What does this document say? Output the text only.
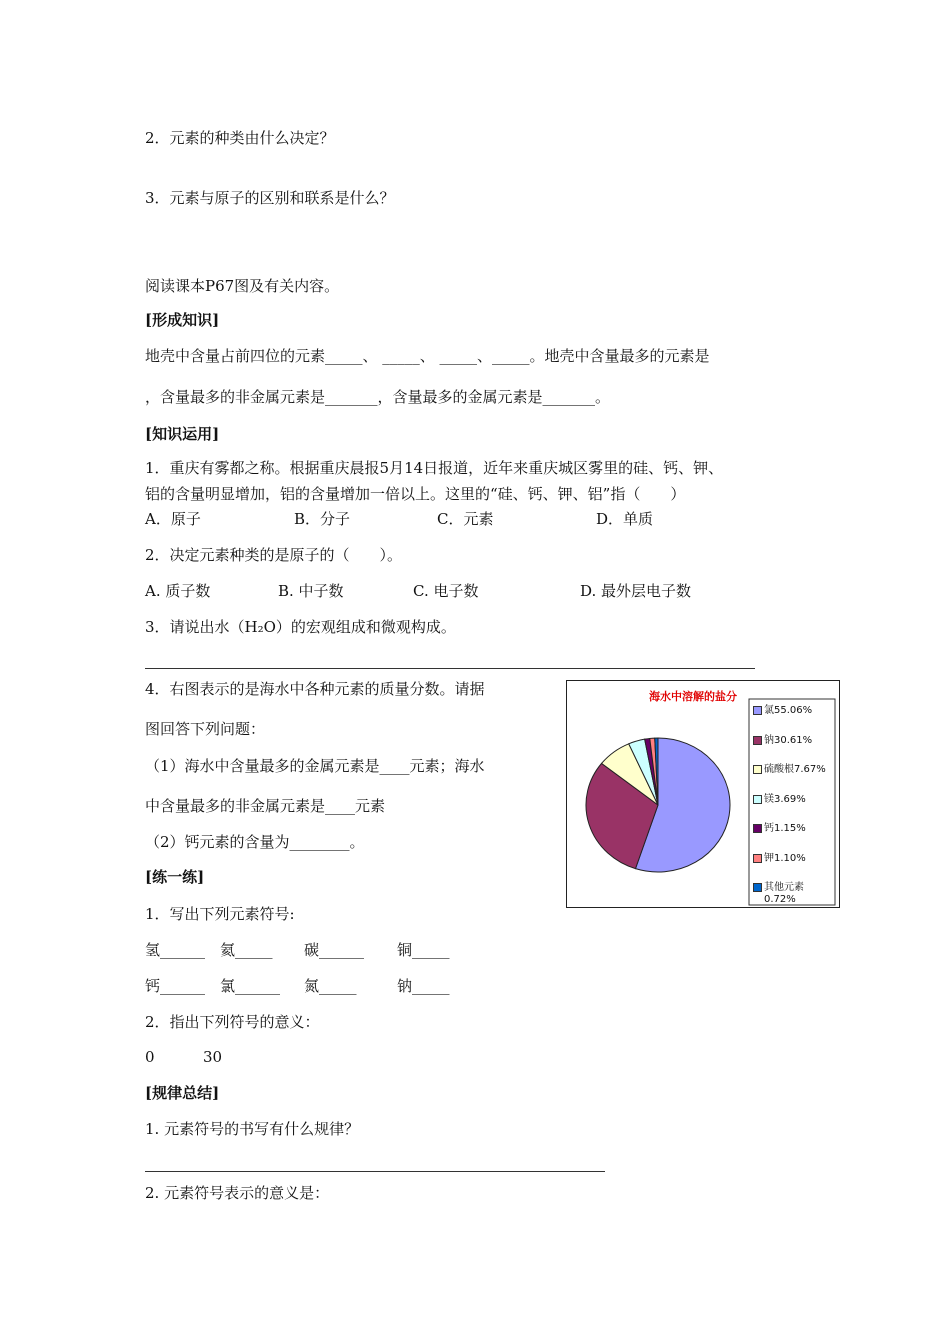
2．元素的种类由什么决定？
3．元素与原子的区别和联系是什么？
阅读课本P67图及有关内容。
[形成知识]
地壳中含量占前四位的元素_____、 _____、 _____、_____。地壳中含量最多的元素是
，含量最多的非金属元素是_______，含量最多的金属元素是_______。
[知识运用]
1．重庆有雾都之称。根据重庆晨报5月14日报道，近年来重庆城区雾里的硅、钙、钾、
铝的含量明显增加，铝的含量增加一倍以上。这里的“硅、钙、钾、铝”指（　　）
A．原子	B．分子	C．元素	D．单质
2．决定元素种类的是原子的（　　）。
A. 质子数	B. 中子数	C. 电子数	D. 最外层电子数
3．请说出水（H₂O）的宏观组成和微观构成。
4．右图表示的是海水中各种元素的质量分数。请据
图回答下列问题：
（1）海水中含量最多的金属元素是____元素；海水
中含量最多的非金属元素是____元素
（2）钙元素的含量为________。
海水中溶解的盐分
氯55.06%
钠30.61%
硫酸根7.67%
镁3.69%
钙1.15%
钾1.10%
其他元素
0.72%
[练一练]
1．写出下列元素符号:
氢______ 氦_____ 碳______ 铜_____
钙______ 氯______ 氮_____	钠_____
2．指出下列符号的意义：
0	30
[规律总结]
1. 元素符号的书写有什么规律？
2. 元素符号表示的意义是：
